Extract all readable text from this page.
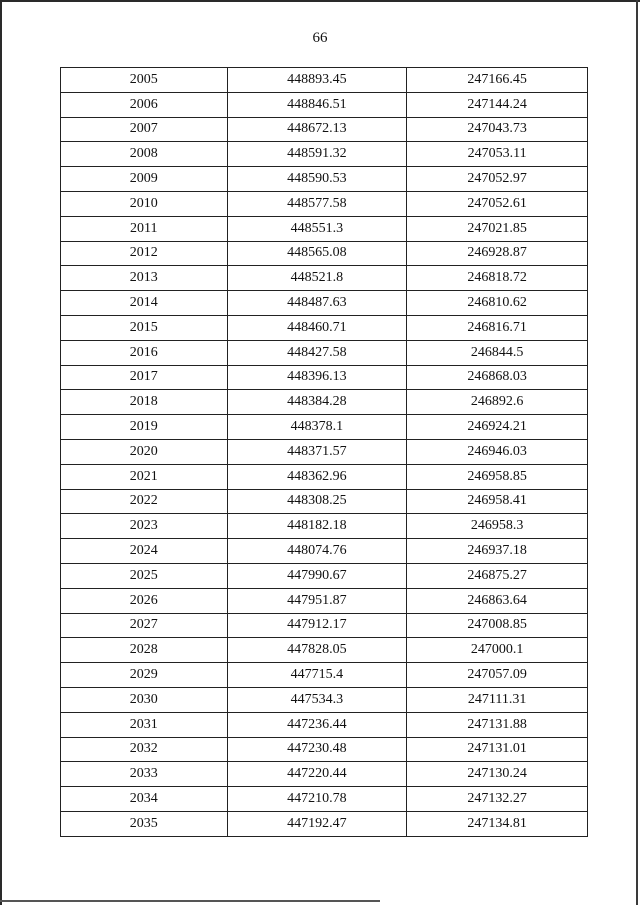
66
2005	448893.45	247166.45
2006	448846.51	247144.24
2007	448672.13	247043.73
2008	448591.32	247053.11
2009	448590.53	247052.97
2010	448577.58	247052.61
2011	448551.3	247021.85
2012	448565.08	246928.87
2013	448521.8	246818.72
2014	448487.63	246810.62
2015	448460.71	246816.71
2016	448427.58	246844.5
2017	448396.13	246868.03
2018	448384.28	246892.6
2019	448378.1	246924.21
2020	448371.57	246946.03
2021	448362.96	246958.85
2022	448308.25	246958.41
2023	448182.18	246958.3
2024	448074.76	246937.18
2025	447990.67	246875.27
2026	447951.87	246863.64
2027	447912.17	247008.85
2028	447828.05	247000.1
2029	447715.4	247057.09
2030	447534.3	247111.31
2031	447236.44	247131.88
2032	447230.48	247131.01
2033	447220.44	247130.24
2034	447210.78	247132.27
2035	447192.47	247134.81
